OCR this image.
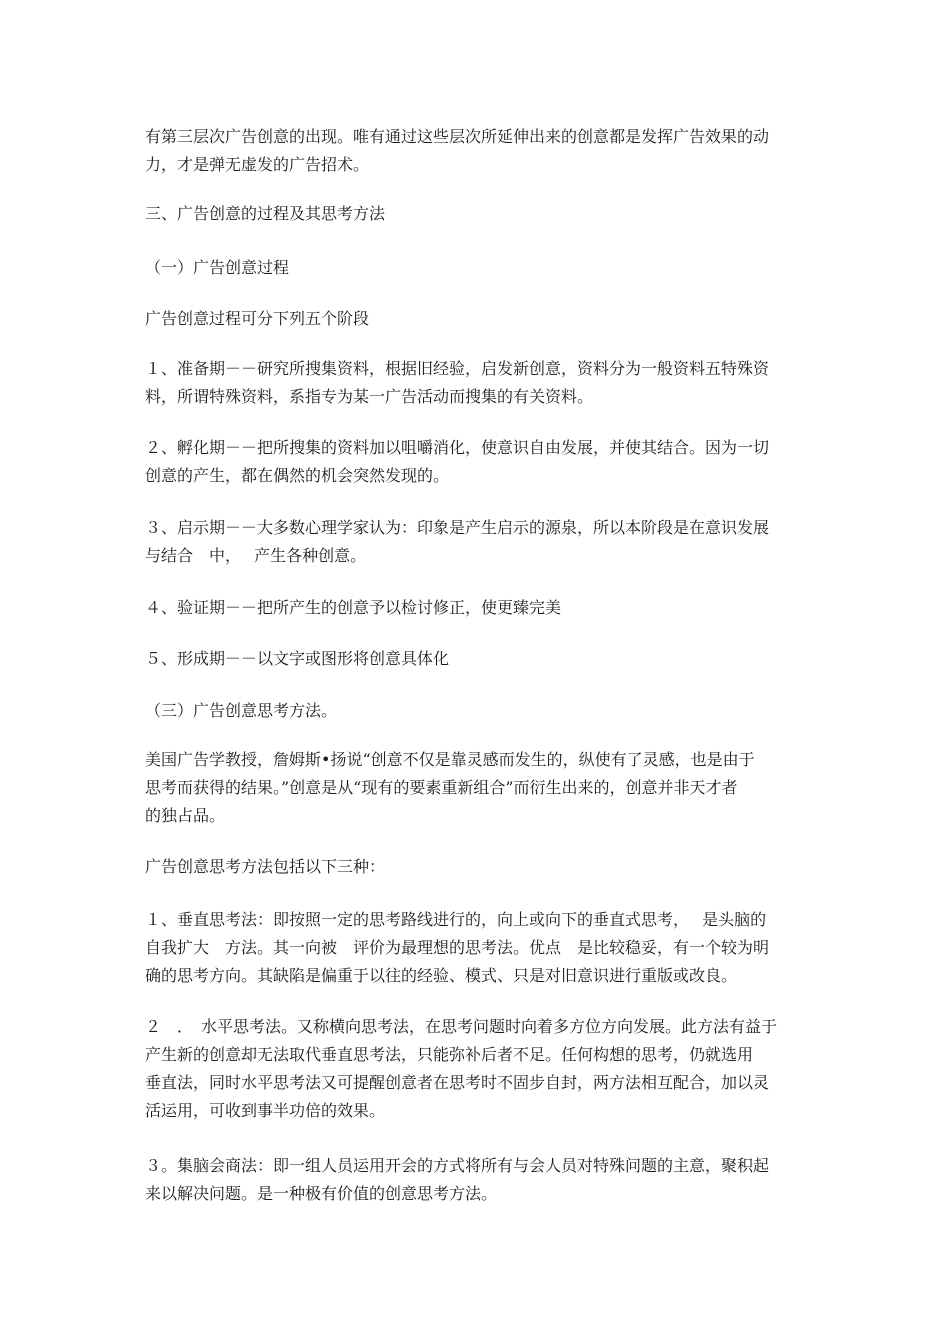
有第三层次广告创意的出现。唯有通过这些层次所延伸出来的创意都是发挥广告效果的动
力，才是弹无虚发的广告招术。
三、广告创意的过程及其思考方法
（一）广告创意过程
广告创意过程可分下列五个阶段
１、准备期－－研究所搜集资料，根据旧经验，启发新创意，资料分为一般资料五特殊资
料，所谓特殊资料，系指专为某一广告活动而搜集的有关资料。
２、孵化期－－把所搜集的资料加以咀嚼消化，使意识自由发展，并使其结合。因为一切
创意的产生，都在偶然的机会突然发现的。
３、启示期－－大多数心理学家认为：印象是产生启示的源泉，所以本阶段是在意识发展
与结合　中，　 产生各种创意。
４、验证期－－把所产生的创意予以检讨修正，使更臻完美
５、形成期－－以文字或图形将创意具体化
（三）广告创意思考方法。
美国广告学教授，詹姆斯•扬说“创意不仅是靠灵感而发生的，纵使有了灵感，也是由于
思考而获得的结果。”创意是从“现有的要素重新组合”而衍生出来的，创意并非天才者
的独占品。
广告创意思考方法包括以下三种：
１、垂直思考法：即按照一定的思考路线进行的，向上或向下的垂直式思考，　 是头脑的
自我扩大　方法。其一向被　评价为最理想的思考法。优点　是比较稳妥，有一个较为明
确的思考方向。其缺陷是偏重于以往的经验、模式、只是对旧意识进行重版或改良。
２　．　水平思考法。又称横向思考法，在思考问题时向着多方位方向发展。此方法有益于
产生新的创意却无法取代垂直思考法，只能弥补后者不足。任何构想的思考，仍就选用
垂直法，同时水平思考法又可提醒创意者在思考时不固步自封，两方法相互配合，加以灵
活运用，可收到事半功倍的效果。
３。集脑会商法：即一组人员运用开会的方式将所有与会人员对特殊问题的主意，聚积起
来以解决问题。是一种极有价值的创意思考方法。
